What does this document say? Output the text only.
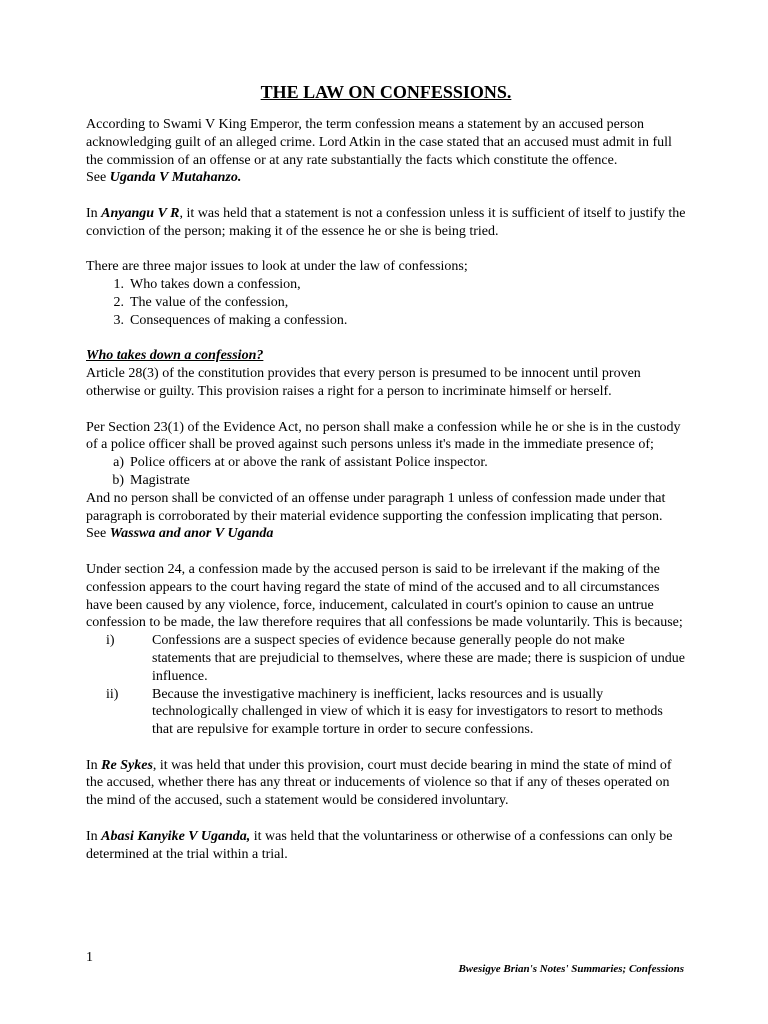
THE LAW ON CONFESSIONS.

According to Swami V King Emperor, the term confession means a statement by an accused person acknowledging guilt of an alleged crime. Lord Atkin in the case stated that an accused must admit in full the commission of an offense or at any rate substantially the facts which constitute the offence.
See Uganda V Mutahanzo.

In Anyangu V R, it was held that a statement is not a confession unless it is sufficient of itself to justify the conviction of the person; making it of the essence he or she is being tried.

There are three major issues to look at under the law of confessions;

1. Who takes down a confession,
2. The value of the confession,
3. Consequences of making a confession.

Who takes down a confession?

Article 28(3) of the constitution provides that every person is presumed to be innocent until proven otherwise or guilty. This provision raises a right for a person to incriminate himself or herself.

Per Section 23(1) of the Evidence Act, no person shall make a confession while he or she is in the custody of a police officer shall be proved against such persons unless it's made in the immediate presence of;

a) Police officers at or above the rank of assistant Police inspector.
b) Magistrate

And no person shall be convicted of an offense under paragraph 1 unless of confession made under that paragraph is corroborated by their material evidence supporting the confession implicating that person.
See Wasswa and anor V Uganda

Under section 24, a confession made by the accused person is said to be irrelevant if the making of the confession appears to the court having regard the state of mind of the accused and to all circumstances have been caused by any violence, force, inducement, calculated in court's opinion to cause an untrue confession to be made, the law therefore requires that all confessions be made voluntarily. This is because;

i)	Confessions are a suspect species of evidence because generally people do not make statements that are prejudicial to themselves, where these are made; there is suspicion of undue influence.
ii)	Because the investigative machinery is inefficient, lacks resources and is usually technologically challenged in view of which it is easy for investigators to resort to methods that are repulsive for example torture in order to secure confessions.

In Re Sykes, it was held that under this provision, court must decide bearing in mind the state of mind of the accused, whether there has any threat or inducements of violence so that if any of theses operated on the mind of the accused, such a statement would be considered involuntary.

In Abasi Kanyike V Uganda, it was held that the voluntariness or otherwise of a confessions can only be determined at the trial within a trial.

1
Bwesigye Brian's Notes' Summaries; Confessions
